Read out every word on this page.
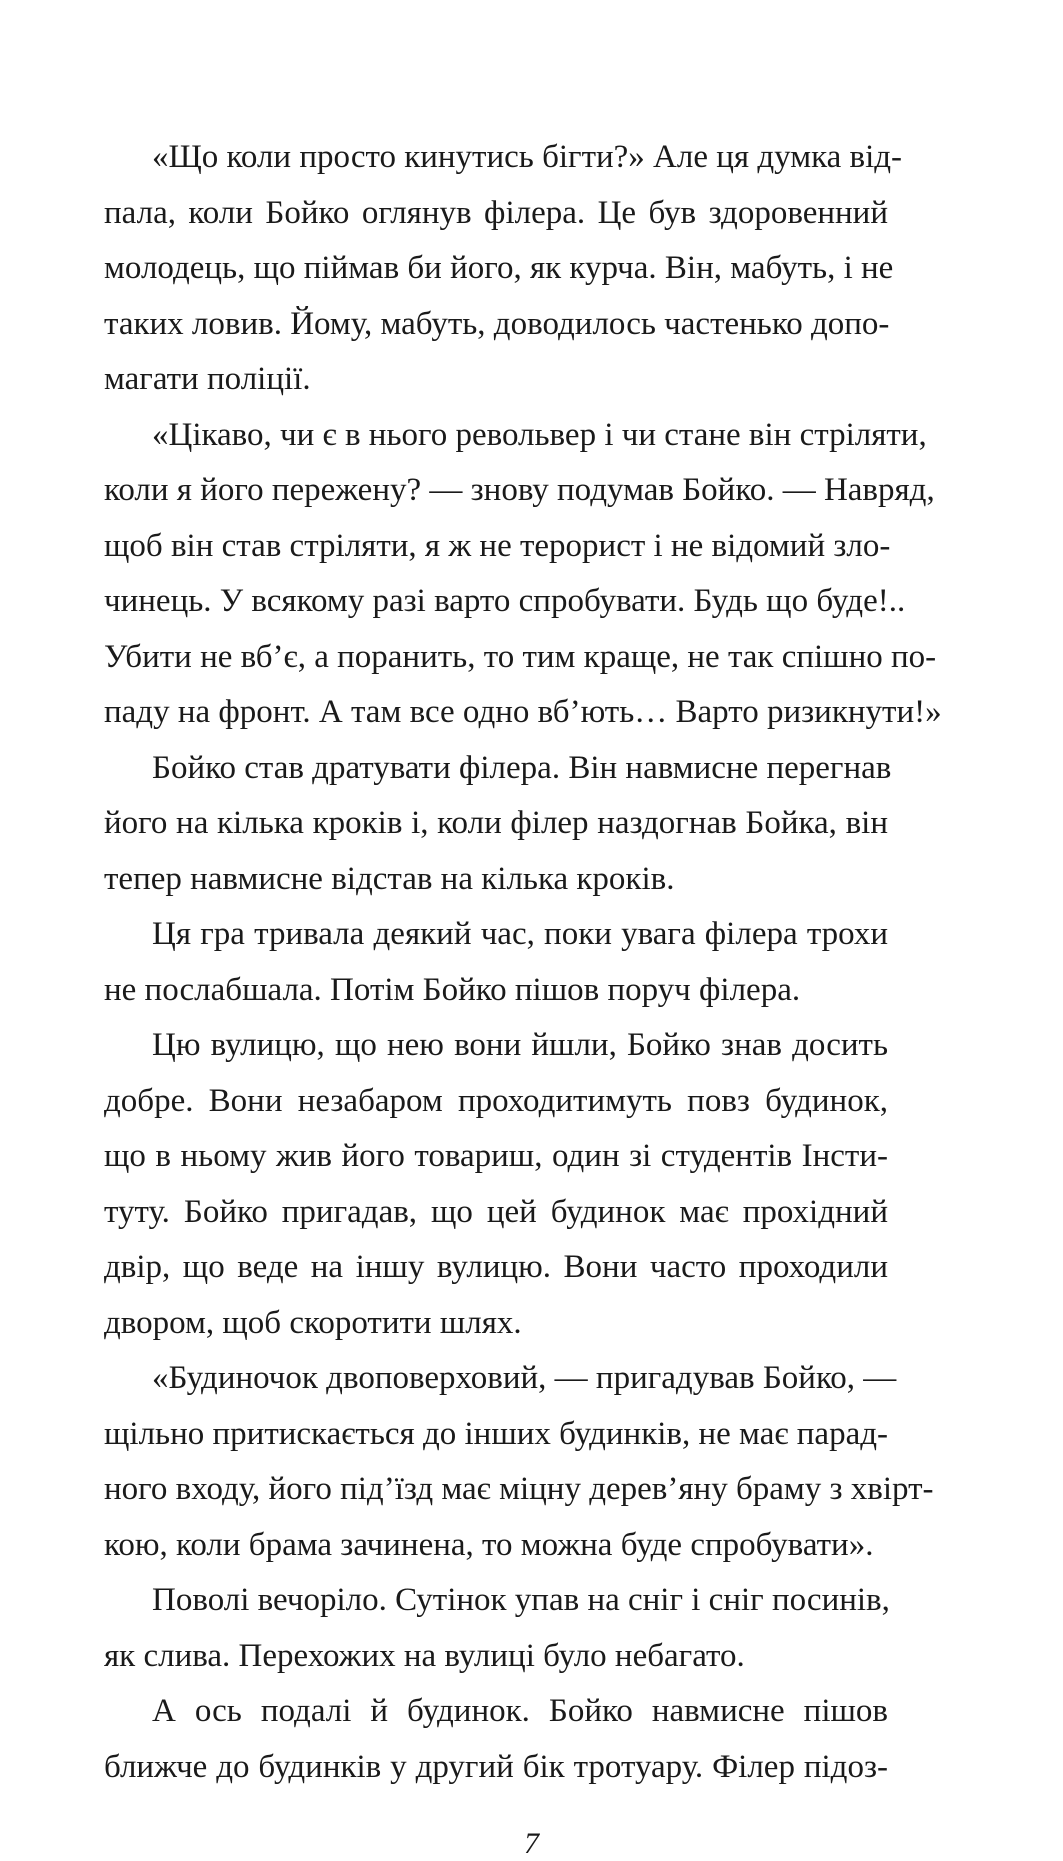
«Що коли просто кинутись бігти?» Але ця думка від-
пала, коли Бойко оглянув філера. Це був здоровенний
молодець, що піймав би його, як курча. Він, мабуть, і не
таких ловив. Йому, мабуть, доводилось частенько допо-
магати поліції.
«Цікаво, чи є в нього револьвер і чи стане він стріляти,
коли я його пережену? — знову подумав Бойко. — Навряд,
щоб він став стріляти, я ж не терорист і не відомий зло-
чинець. У всякому разі варто спробувати. Будь що буде!..
Убити не вб’є, а поранить, то тим краще, не так спішно по-
паду на фронт. А там все одно вб’ють… Варто ризикнути!»
Бойко став дратувати філера. Він навмисне перегнав
його на кілька кроків і, коли філер наздогнав Бойка, він
тепер навмисне відстав на кілька кроків.
Ця гра тривала деякий час, поки увага філера трохи
не послабшала. Потім Бойко пішов поруч філера.
Цю вулицю, що нею вони йшли, Бойко знав досить
добре. Вони незабаром проходитимуть повз будинок,
що в ньому жив його товариш, один зі студентів Інсти-
туту. Бойко пригадав, що цей будинок має прохідний
двір, що веде на іншу вулицю. Вони часто проходили
двором, щоб скоротити шлях.
«Будиночок двоповерховий, — пригадував Бойко, —
щільно притискається до інших будинків, не має парад-
ного входу, його під’їзд має міцну дерев’яну браму з хвірт-
кою, коли брама зачинена, то можна буде спробувати».
Поволі вечоріло. Сутінок упав на сніг і сніг посинів,
як слива. Перехожих на вулиці було небагато.
А ось подалі й будинок. Бойко навмисне пішов
ближче до будинків у другий бік тротуару. Філер підоз-
7
